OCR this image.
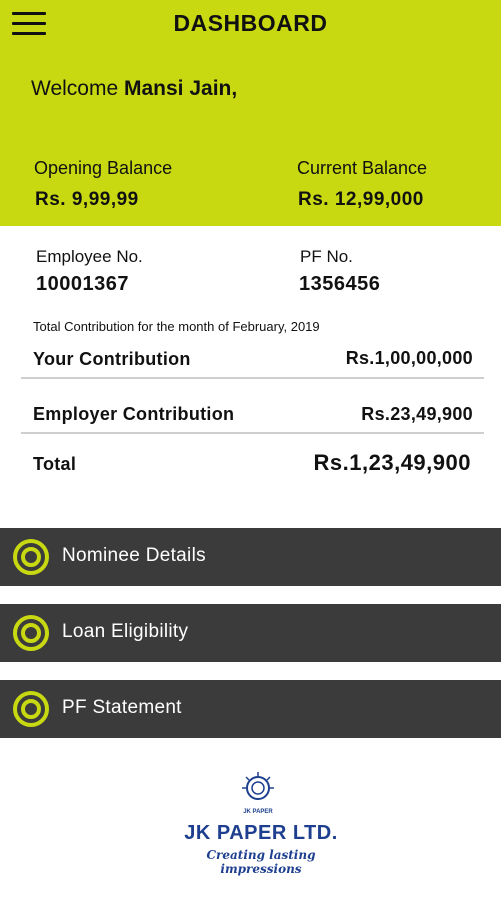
DASHBOARD
Welcome Mansi Jain,
Opening Balance
Rs. 9,99,99
Current Balance
Rs. 12,99,000
Employee No.
10001367
PF No.
1356456
Total Contribution for the month of February, 2019
Your Contribution	Rs.1,00,00,000
Employer Contribution	Rs.23,49,900
Total	Rs.1,23,49,900
Nominee Details
Loan Eligibility
PF Statement
JK PAPER
JK PAPER LTD.
Creating lasting impressions
